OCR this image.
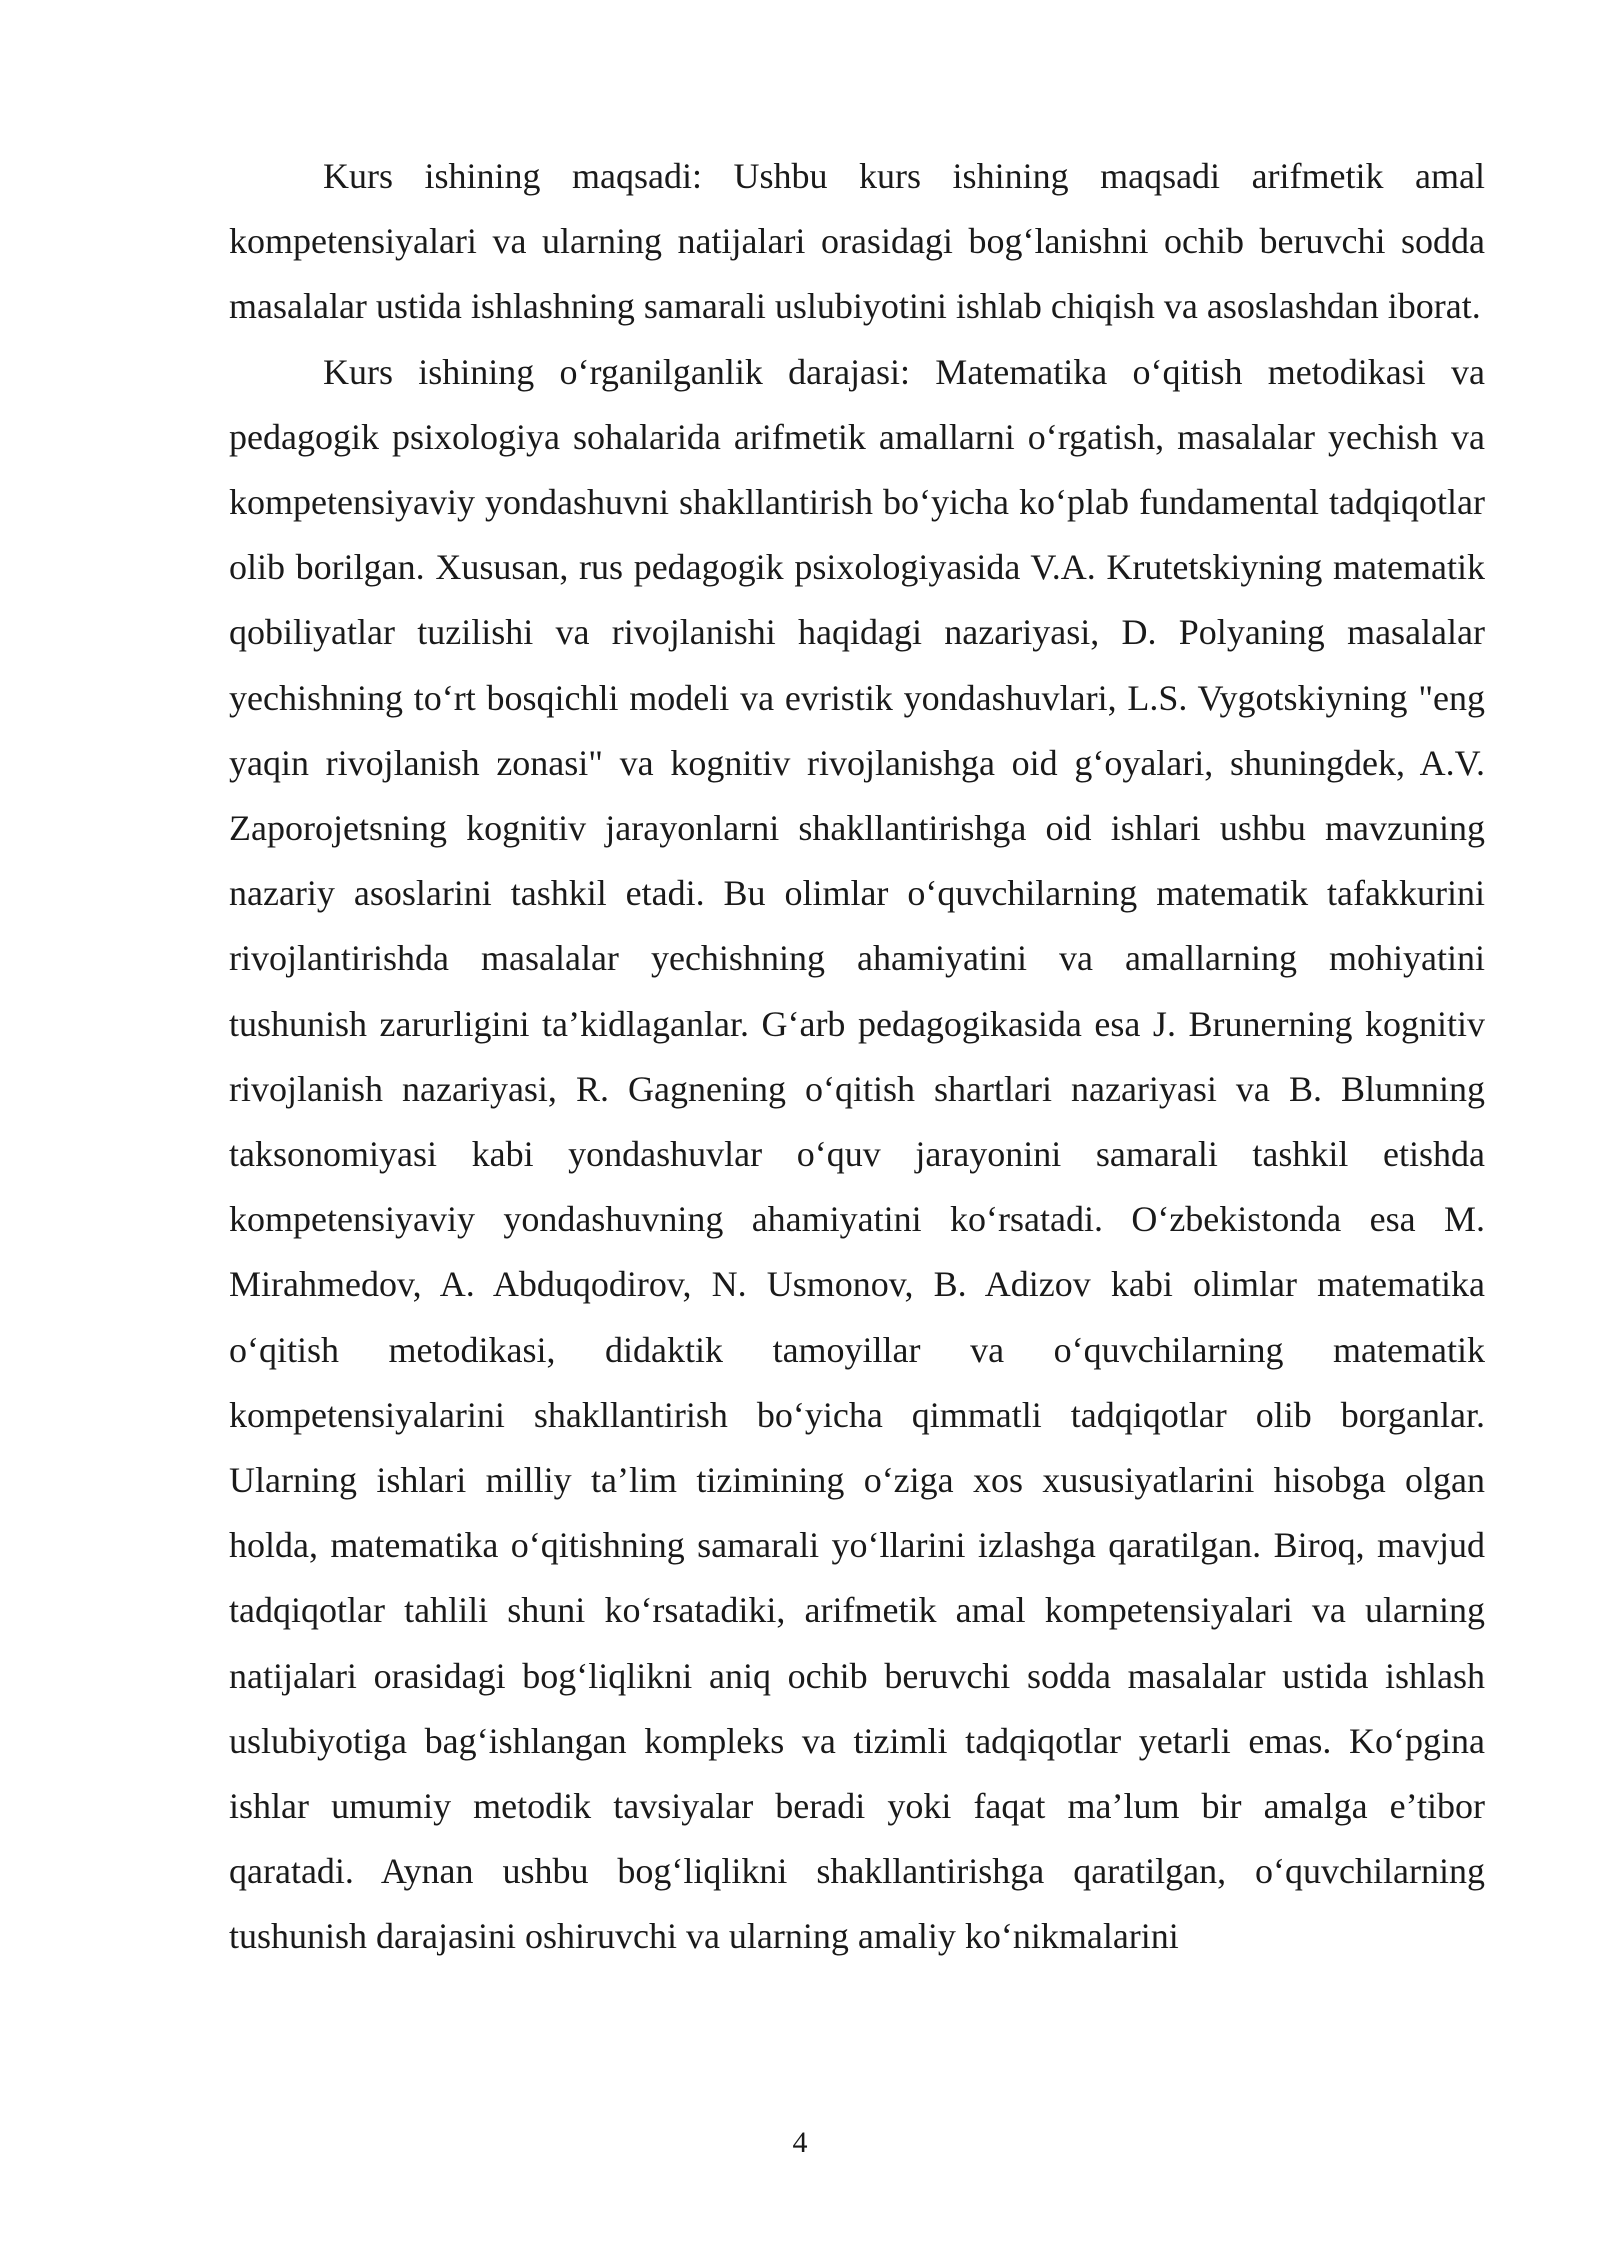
Kurs ishining maqsadi: Ushbu kurs ishining maqsadi arifmetik amal kompetensiyalari va ularning natijalari orasidagi bog‘lanishni ochib beruvchi sodda masalalar ustida ishlashning samarali uslubiyotini ishlab chiqish va asoslashdan iborat.

Kurs ishining o‘rganilganlik darajasi: Matematika o‘qitish metodikasi va pedagogik psixologiya sohalarida arifmetik amallarni o‘rgatish, masalalar yechish va kompetensiyaviy yondashuvni shakllantirish bo‘yicha ko‘plab fundamental tadqiqotlar olib borilgan. Xususan, rus pedagogik psixologiyasida V.A. Krutetskiyning matematik qobiliyatlar tuzilishi va rivojlanishi haqidagi nazariyasi, D. Polyaning masalalar yechishning to‘rt bosqichli modeli va evristik yondashuvlari, L.S. Vygotskiyning "eng yaqin rivojlanish zonasi" va kognitiv rivojlanishga oid g‘oyalari, shuningdek, A.V. Zaporojetsning kognitiv jarayonlarni shakllantirishga oid ishlari ushbu mavzuning nazariy asoslarini tashkil etadi. Bu olimlar o‘quvchilarning matematik tafakkurini rivojlantirishda masalalar yechishning ahamiyatini va amallarning mohiyatini tushunish zarurligini ta’kidlaganlar. G‘arb pedagogikasida esa J. Brunerning kognitiv rivojlanish nazariyasi, R. Gagnening o‘qitish shartlari nazariyasi va B. Blumning taksonomiyasi kabi yondashuvlar o‘quv jarayonini samarali tashkil etishda kompetensiyaviy yondashuvning ahamiyatini ko‘rsatadi. O‘zbekistonda esa M. Mirahmedov, A. Abduqodirov, N. Usmonov, B. Adizov kabi olimlar matematika o‘qitish metodikasi, didaktik tamoyillar va o‘quvchilarning matematik kompetensiyalarini shakllantirish bo‘yicha qimmatli tadqiqotlar olib borganlar. Ularning ishlari milliy ta’lim tizimining o‘ziga xos xususiyatlarini hisobga olgan holda, matematika o‘qitishning samarali yo‘llarini izlashga qaratilgan. Biroq, mavjud tadqiqotlar tahlili shuni ko‘rsatadiki, arifmetik amal kompetensiyalari va ularning natijalari orasidagi bog‘liqlikni aniq ochib beruvchi sodda masalalar ustida ishlash uslubiyotiga bag‘ishlangan kompleks va tizimli tadqiqotlar yetarli emas. Ko‘pgina ishlar umumiy metodik tavsiyalar beradi yoki faqat ma’lum bir amalga e’tibor qaratadi. Aynan ushbu bog‘liqlikni shakllantirishga qaratilgan, o‘quvchilarning tushunish darajasini oshiruvchi va ularning amaliy ko‘nikmalarini

4
